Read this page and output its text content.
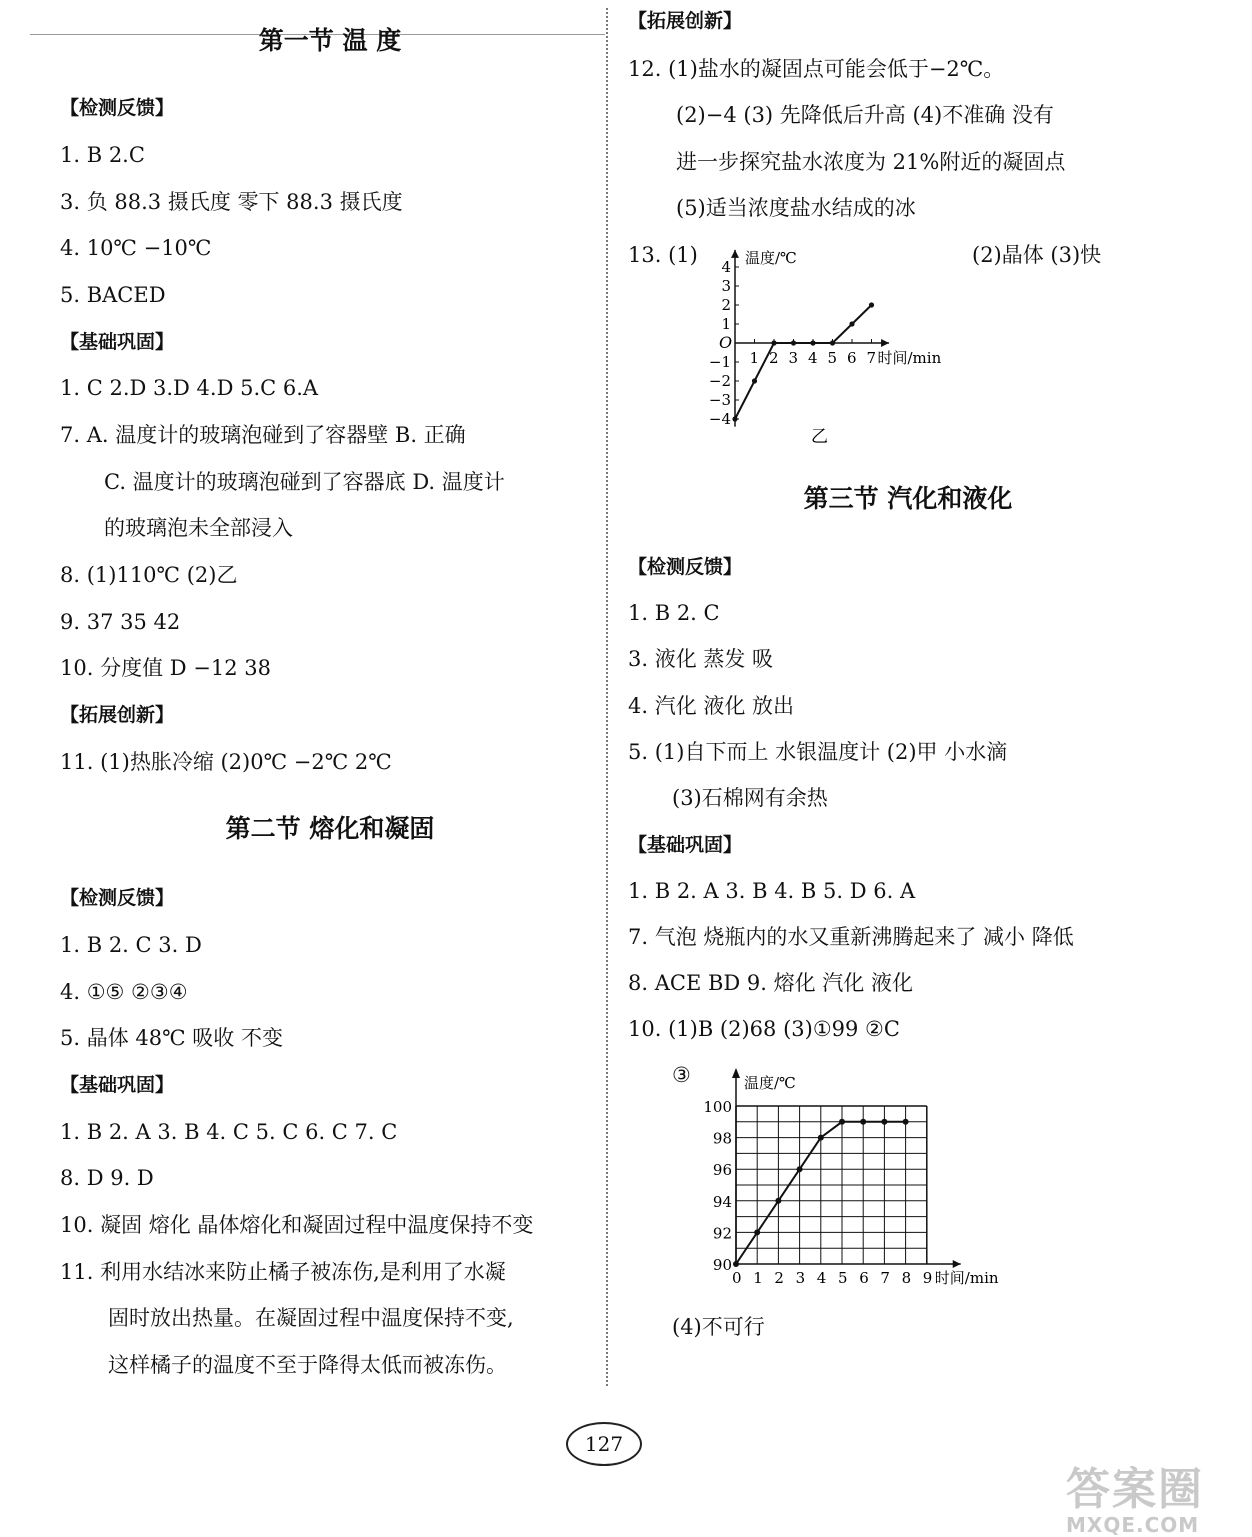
第一节 温 度
【检测反馈】
1. B 2.C
3. 负 88.3 摄氏度 零下 88.3 摄氏度
4. 10℃ −10℃
5. BACED
【基础巩固】
1. C 2.D 3.D 4.D 5.C 6.A
7. A. 温度计的玻璃泡碰到了容器壁 B. 正确
C. 温度计的玻璃泡碰到了容器底 D. 温度计
的玻璃泡未全部浸入
8. (1)110℃ (2)乙
9. 37 35 42
10. 分度值 D −12 38
【拓展创新】
11. (1)热胀冷缩 (2)0℃ −2℃ 2℃
第二节 熔化和凝固
【检测反馈】
1. B 2. C 3. D
4. ①⑤ ②③④
5. 晶体 48℃ 吸收 不变
【基础巩固】
1. B 2. A 3. B 4. C 5. C 6. C 7. C
8. D 9. D
10. 凝固 熔化 晶体熔化和凝固过程中温度保持不变
11. 利用水结冰来防止橘子被冻伤,是利用了水凝
固时放出热量。在凝固过程中温度保持不变,
这样橘子的温度不至于降得太低而被冻伤。
【拓展创新】
12. (1)盐水的凝固点可能会低于−2℃。
(2)−4 (3) 先降低后升高 (4)不准确 没有
进一步探究盐水浓度为 21%附近的凝固点
(5)适当浓度盐水结成的冰
13. (1)	(2)晶体 (3)快
温度/℃
O
1 2 3 4 5 6 7 时间/min
4
3
2
1
−1
−2
−3
−4
乙
第三节 汽化和液化
【检测反馈】
1. B 2. C
3. 液化 蒸发 吸
4. 汽化 液化 放出
5. (1)自下而上 水银温度计 (2)甲 小水滴
(3)石棉网有余热
【基础巩固】
1. B 2. A 3. B 4. B 5. D 6. A
7. 气泡 烧瓶内的水又重新沸腾起来了 减小 降低
8. ACE BD 9. 熔化 汽化 液化
10. (1)B (2)68 (3)①99 ②C
③	温度/℃
100
98
96
94
92
90
0 1 2 3 4 5 6 7 8 9 时间/min
(4)不可行
127
答案圈
MXQE.COM
